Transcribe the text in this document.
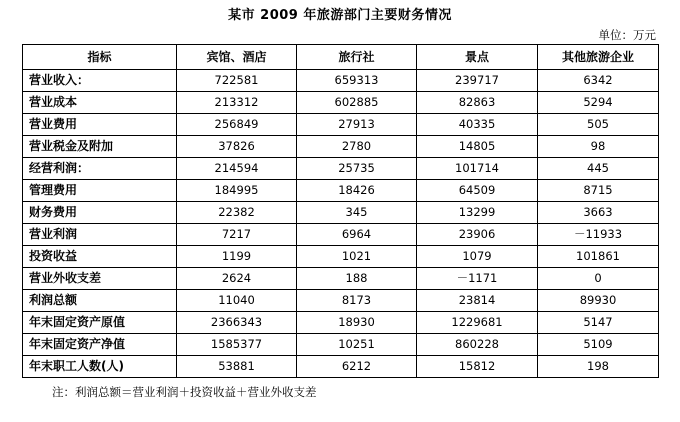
某市 2009 年旅游部门主要财务情况
单位：万元
指标	宾馆、酒店	旅行社	景点	其他旅游企业
营业收入：	722581	659313	239717	6342
营业成本	213312	602885	82863	5294
营业费用	256849	27913	40335	505
营业税金及附加	37826	2780	14805	98
经营利润：	214594	25735	101714	445
管理费用	184995	18426	64509	8715
财务费用	22382	345	13299	3663
营业利润	7217	6964	23906	－11933
投资收益	1199	1021	1079	101861
营业外收支差	2624	188	－1171	0
利润总额	11040	8173	23814	89930
年末固定资产原值	2366343	18930	1229681	5147
年末固定资产净值	1585377	10251	860228	5109
年末职工人数(人)	53881	6212	15812	198
注：利润总额＝营业利润＋投资收益＋营业外收支差
